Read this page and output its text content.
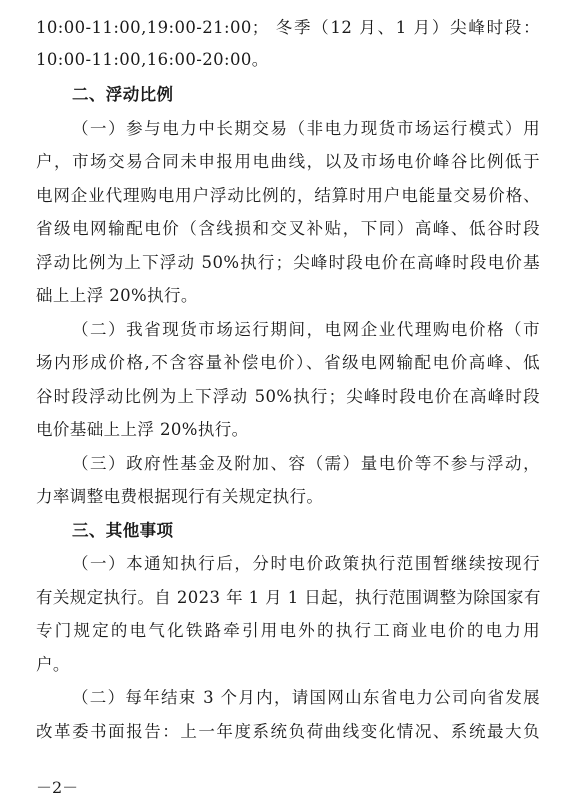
10:00-11:00,19:00-21:00； 冬季（12 月、1 月）尖峰时段：
10:00-11:00,16:00-20:00。
二、浮动比例
（一）参与电力中长期交易（非电力现货市场运行模式）用
户，市场交易合同未申报用电曲线，以及市场电价峰谷比例低于
电网企业代理购电用户浮动比例的，结算时用户电能量交易价格、
省级电网输配电价（含线损和交叉补贴，下同）高峰、低谷时段
浮动比例为上下浮动 50%执行；尖峰时段电价在高峰时段电价基
础上上浮 20%执行。
（二）我省现货市场运行期间，电网企业代理购电价格（市
场内形成价格,不含容量补偿电价）、省级电网输配电价高峰、低
谷时段浮动比例为上下浮动 50%执行；尖峰时段电价在高峰时段
电价基础上上浮 20%执行。
（三）政府性基金及附加、容（需）量电价等不参与浮动，
力率调整电费根据现行有关规定执行。
三、其他事项
（一）本通知执行后，分时电价政策执行范围暂继续按现行
有关规定执行。自 2023 年 1 月 1 日起，执行范围调整为除国家有
专门规定的电气化铁路牵引用电外的执行工商业电价的电力用
户。
（二）每年结束 3 个月内，请国网山东省电力公司向省发展
改革委书面报告：上一年度系统负荷曲线变化情况、系统最大负
－2－
